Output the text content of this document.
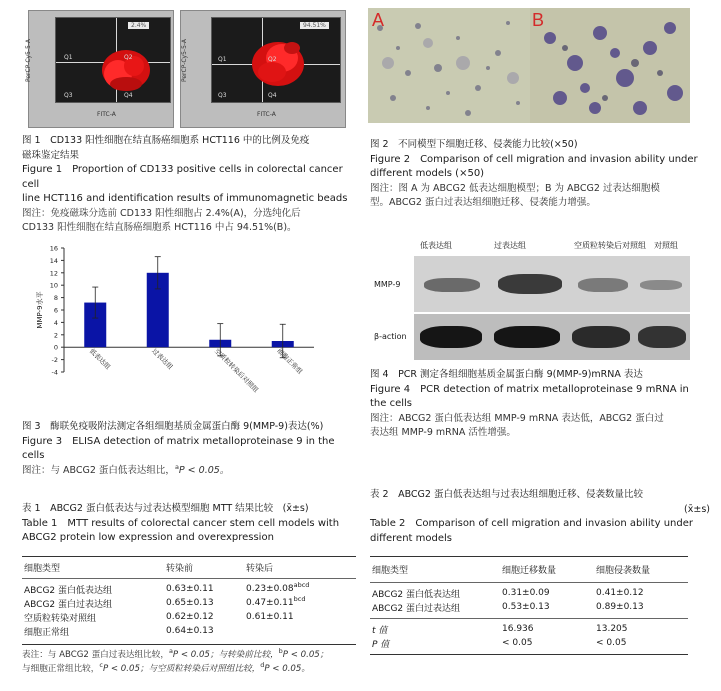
Q1	Q2
Q3	Q4
2.4%
FITC-A
PerCP-Cy5-5-A	Q1	Q2
Q3	Q4
94.51%
FITC-A
PerCP-Cy5-5-A
图 1　CD133 阳性细胞在结直肠癌细胞系 HCT116 中的比例及免疫
磁珠鉴定结果
Figure 1　Proportion of CD133 positive cells in colorectal cancer cell
line HCT116 and identification results of immunomagnetic beads
图注：免疫磁珠分选前 CD133 阳性细胞占 2.4%(A)，分选纯化后
CD133 阳性细胞在结直肠癌细胞系 HCT116 中占 94.51%(B)。
A	B
图 2　不同模型下细胞迁移、侵袭能力比较(×50)
Figure 2　Comparison of cell migration and invasion ability under
different models (×50)
图注：图 A 为 ABCG2 低表达细胞模型；B 为 ABCG2 过表达细胞模
型。ABCG2 蛋白过表达组细胞迁移、侵袭能力增强。
-4
-2
0
2
4
6
8
10
12
14
16
MMP-9水平
低表达组	过表达组	空质粒转染后对照组 细胞正常组
图 3　酶联免疫吸附法测定各组细胞基质金属蛋白酶 9(MMP-9)表达(%)
Figure 3　ELISA detection of matrix metalloproteinase 9 in the cells
图注：与 ABCG2 蛋白低表达组比，$^a$P < 0.05。
低表达组	过表达组	空质粒转染后对照组 对照组
MMP-9
β-action
图 4　PCR 测定各组细胞基质金属蛋白酶 9(MMP-9)mRNA 表达
Figure 4　PCR detection of matrix metalloproteinase 9 mRNA in
the cells
图注：ABCG2 蛋白低表达组 MMP-9 mRNA 表达低，ABCG2 蛋白过
表达组 MMP-9 mRNA 活性增强。
表 1　ABCG2 蛋白低表达与过表达模型细胞 MTT 结果比较　(x̄±s)
Table 1　MTT results of colorectal cancer stem cell models with
ABCG2 protein low expression and overexpression
细胞类型	转染前	转染后
ABCG2 蛋白低表达组	0.63±0.11	$0.23\pm 0.08^{abcd}$
ABCG2 蛋白过表达组	0.65±0.13	0.47±0.11$^{bcd}$
空质粒转染对照组	0.62±0.12	0.61±0.11
细胞正常组	0.64±0.13	
表注：与 ABCG2 蛋白过表达组比较，$^a$P < 0.05；与转染前比较，$^b$P < 0.05；
与细胞正常组比较，$^c$P < 0.05；与空质粒转染后对照组比较，$^d$P < 0.05。
表 2　ABCG2 蛋白低表达组与过表达组细胞迁移、侵袭数量比较
(x̄±s)
Table 2　Comparison of cell migration and invasion ability under
different models
细胞类型	细胞迁移数量	细胞侵袭数量
ABCG2 蛋白低表达组	0.31±0.09	0.41±0.12
ABCG2 蛋白过表达组	0.53±0.13	0.89±0.13
t 值	16.936	13.205
P 值	< 0.05	< 0.05
